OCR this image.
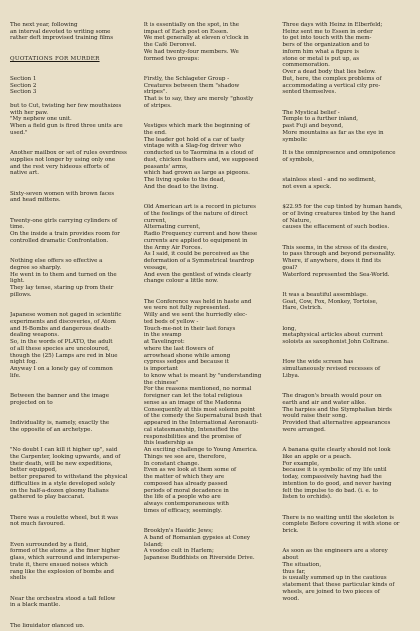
The next year, following
an interval devoted to writing some
rather deft improvised training films

QUOTATIONS FOR MURDER

Section 1
Section 2
Section 3

but to Cut, twisting her few mouthsizes
with her paw.
"My nephew one unit.
When a field gun is fired three units are
used."

Another mailbox or set of rules overdress
supplies not longer by using only one
and the rest very hideous efforts of
native art.

Sixty-seven women with brown faces
and head mittens.

Twenty-one girls carrying cylinders of
time.
On the inside a train provides room for
controlled dramatic Confrontation.

Nothing else offers so effective a
degree so sharply.
He went in to them and turned on the
light.
They lay tense, staring up from their
pillows.

Japanese women not gaged in scientific
experiments and discoveries, of Atom
and H-Bombs and dangerous death-
dealing weapons.
So, in the words of PLATO, the adult
of all these species are uncoloured,
though the (25) Lamps are red in blue
night fog.
Anyway I on a lonely gay of common
life.

Between the banner and the image
projected on to

Individuality is, namely, exactly the
the opposite of an archetype.

"No doubt I can kill it higher up", said
the Carpenter, looking upwards, and of
their death, will be new expeditions,
better equipped,
better prepared to withstand the physical
difficulties in a style developed solely
on the half-a-dozen gloomy Italians
gathered to play baccarat.

There was a roulette wheel, but it was
not much favoured.

Even surrounded by a fluid,
formed of the atoms ,a the finer higher
glass, which surround and intersperse-
trate it, there ensued noises which
rang like the explosion of bombs and
shells

Near the orchestra stood a tall fellow
in a black mantle.

The liquidator glanced up.

It is essentially on the spot, in the
impact of Each post on Essen.
We met generally at eleven o'clock in
the Café Deronvel.
We had twenty-four members. We
formed two groups:

Firstly, the Schlageter Group -
Creatures between them "shadow
stripes".
That is to say, they are merely "ghostly
of stripes.

Vestiges which mark the beginning of
the end.
The leader got hold of a car of tasty
vintage with a Slag-fog driver who
conducted us to Taormina in a cloud of
dust, chicken feathers and, we supposed
peasants' arms,
which had grown as large as pigeons.
The living spoke to the dead,
And the dead to the living.

Old American art is a record in pictures
of the feelings of the nature of direct
current,
Alternating current,
Radio Frequency current and how these
currents are applied to equipment in
the Army Air Forces.
As I said, it could be perceived as the
deformation of a Symmetrical teardrop
vessage,
And even the gentlest of winds clearly
change colour a little now.

The Conference was held in haste and
we were not fully represented.
Willy and we sent the hurriedly elec-
ted beds of yellow -
Touch-me-not in their last forays
in the swamp
at Tavelingrot:
where the last flowers of
arrowhead shone while among
cypress sedges and because it
is important
to know what is meant by "understanding
the chinese"
For the reasons mentioned, no normal
foreigner can let the total religious
sense as an image of the Madonna
Consequently at this most solemn point
of the comedy the Supernatural bush that
appeared in the International Aeronauti-
cal statesmanship, Intensified the
responsibilities and the promise of
this leadership as
An exciting challenge to Young America.
Things we see are, therefore,
In constant change.
Even as we look at them some of
the matter of which they are
composed has already passed
periods of moral decadence in
the life of a people who are
always contemporaneous with
times of efficacy, seemingly.

Brooklyn's Hasidic Jews;
A band of Romanian gypsies at Coney
Island;
A voodoo cult in Harlem;
Japanese Buddhists on Riverside Drive.

Three days with Heinz in Elberfeld;
Heinz sent me to Essen in order
to get into touch with the mem-
bers of the organization and to
inform him what a figure is
stone or metal is put up, as
commemoration.
Over a dead body that lies below.
But, here, the complex problems of
accommodating a vertical city pre-
sented themselves.

The Mystical belief -
Temple to a further inland,
past Fuji and beyond,
More mountains as far as the eye in
symbolic

It is the omnipresence and omnipotence
of symbols,

stainless steel - and no sediment,
not even a speck.

$22.95 for the cup tinted by human hands,
or of living creatures tinted by the hand
of Nature,
causes the effacement of such bodies.

This seems, in the stress of its desire,
to pass through and beyond personality.
Where, if anywhere, does it find its
goal?
Waterford represented the Sea-World.

It was a beautiful assemblage.
Goat, Cow, Fox, Monkey, Tortoise,
Hare, Ostrich.

long,
metaphysical articles about current
soloists as saxophonist John Coltrane.

How the wide screen has
simultaneously revised recesses of
Libya.

The dragon's breath would pour on
earth and air and water alike.
The harpies and the Stymphalian birds
would raise their song.
Provided that alternative appearances
were arranged.

A banana quite clearly should not look
like an apple or a peach.
For example,
because it is symbolic of my life until
today, compassively having had the
intention to do good, and never having
felt the impulse to do bad. (i. e. to
listen to orchids).

There is no waiting until the skeleton is
complete Before covering it with stone or
brick.

As soon as the engineers are a storey
about
The situation,
thus far,
is usually summed up in the cautious
statement that these particular kinds of
wheels, are joined to two pieces of
wood.
